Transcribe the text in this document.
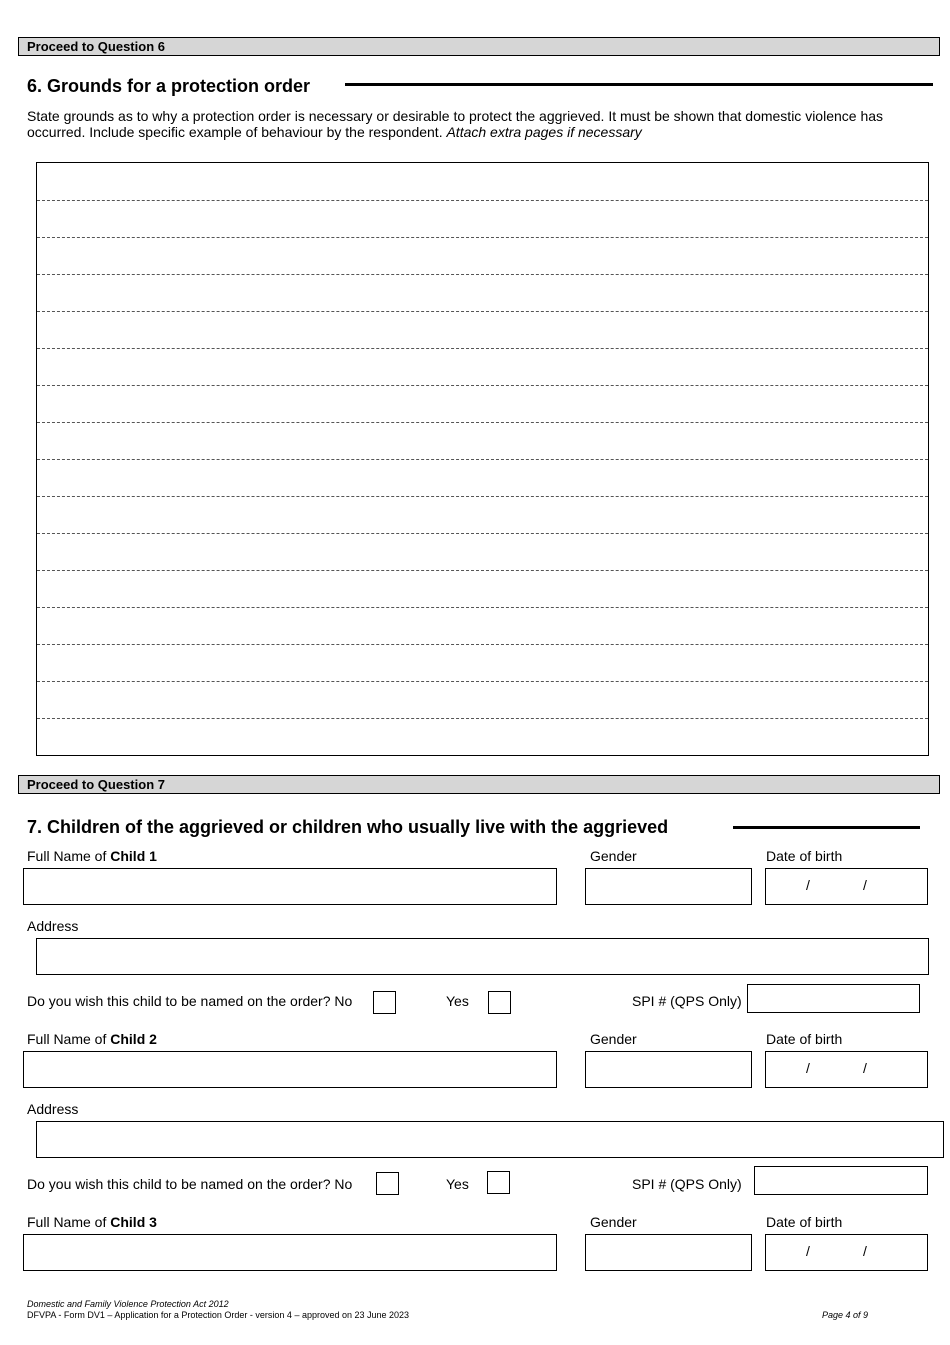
Proceed to Question 6
6. Grounds for a protection order
State grounds as to why a protection order is necessary or desirable to protect the aggrieved. It must be shown that domestic violence has occurred. Include specific example of behaviour by the respondent. Attach extra pages if necessary
Proceed to Question 7
7. Children of the aggrieved or children who usually live with the aggrieved
Full Name of Child 1	Gender	Date of birth
/	/
Address
Do you wish this child to be named on the order? No	Yes	SPI # (QPS Only)
Full Name of Child 2	Gender	Date of birth
/	/
Address
Do you wish this child to be named on the order? No	Yes	SPI # (QPS Only)
Full Name of Child 3	Gender	Date of birth
/	/
Domestic and Family Violence Protection Act 2012
DFVPA - Form DV1 – Application for a Protection Order - version 4 – approved on 23 June 2023	Page 4 of 9
